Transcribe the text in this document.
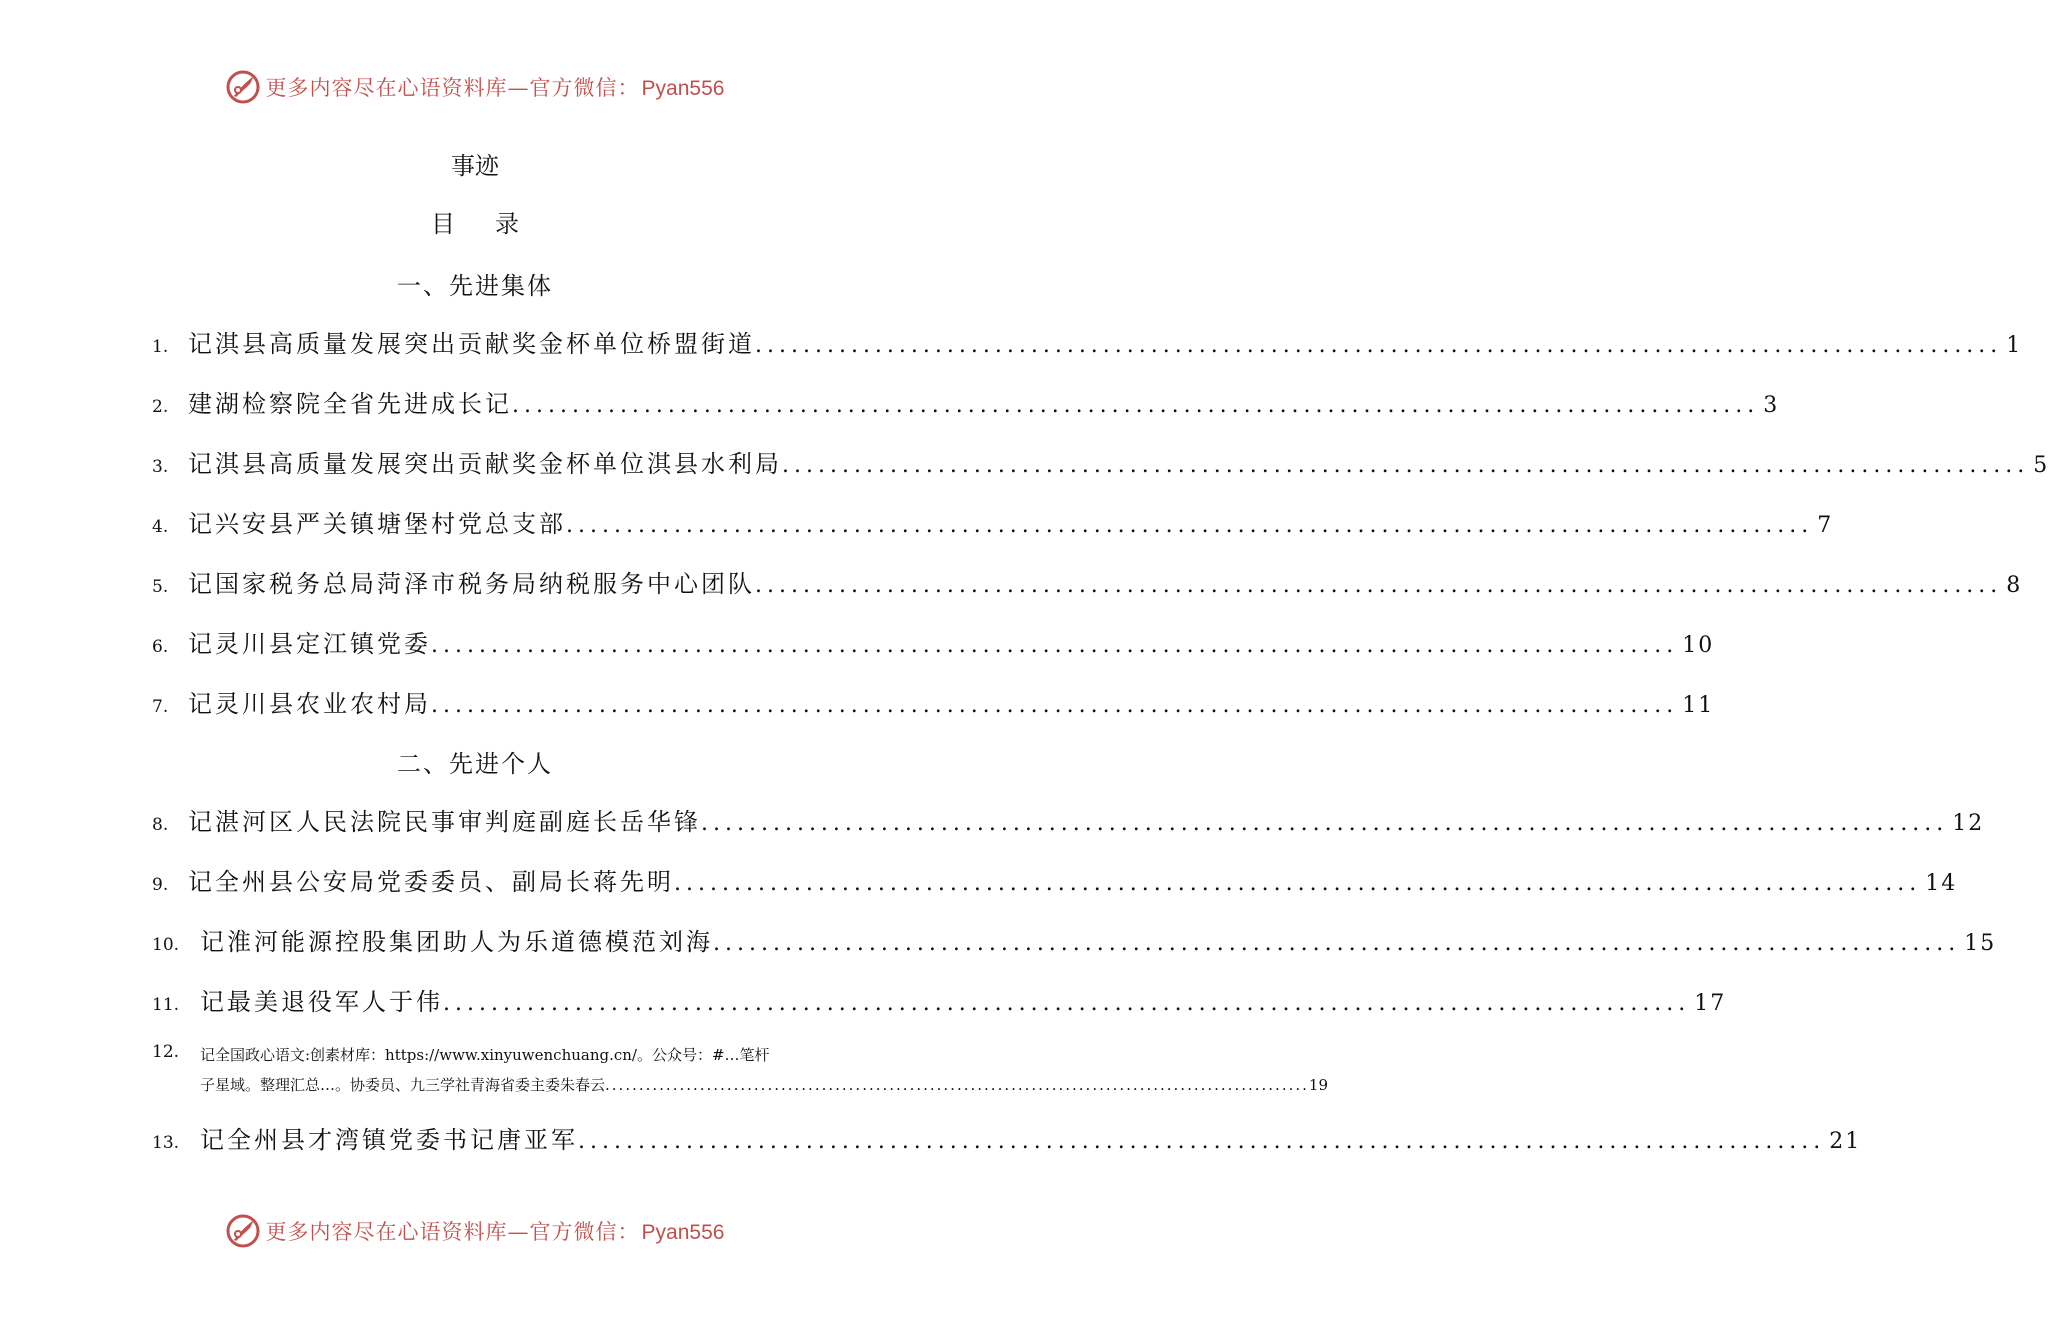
更多内容尽在心语资料库—官方微信：Pyan556
事迹
目录
一、先进集体
1. 记淇县高质量发展突出贡献奖金杯单位桥盟街道 ........................................................................................................ 1
2. 建湖检察院全省先进成长记 ........................................................................................................ 3
3. 记淇县高质量发展突出贡献奖金杯单位淇县水利局 ........................................................................................................ 5
4. 记兴安县严关镇塘堡村党总支部 ........................................................................................................ 7
5. 记国家税务总局菏泽市税务局纳税服务中心团队 ........................................................................................................ 8
6. 记灵川县定江镇党委 ........................................................................................................ 10
7. 记灵川县农业农村局 ........................................................................................................ 11
二、先进个人
8. 记湛河区人民法院民事审判庭副庭长岳华锋 ........................................................................................................ 12
9. 记全州县公安局党委委员、副局长蒋先明 ........................................................................................................ 14
10. 记淮河能源控股集团助人为乐道德模范刘海 ........................................................................................................ 15
11. 记最美退役军人于伟 ........................................................................................................ 17
12. 记全国政心语文:创素材库：https://www.xinyuwenchuang.cn/。公众号：#…笔杆
子星域。整理汇总…。协委员、九三学社青海省委主委朱春云 ........................................................................................................ 19
13. 记全州县才湾镇党委书记唐亚军 ........................................................................................................ 21
更多内容尽在心语资料库—官方微信：Pyan556
